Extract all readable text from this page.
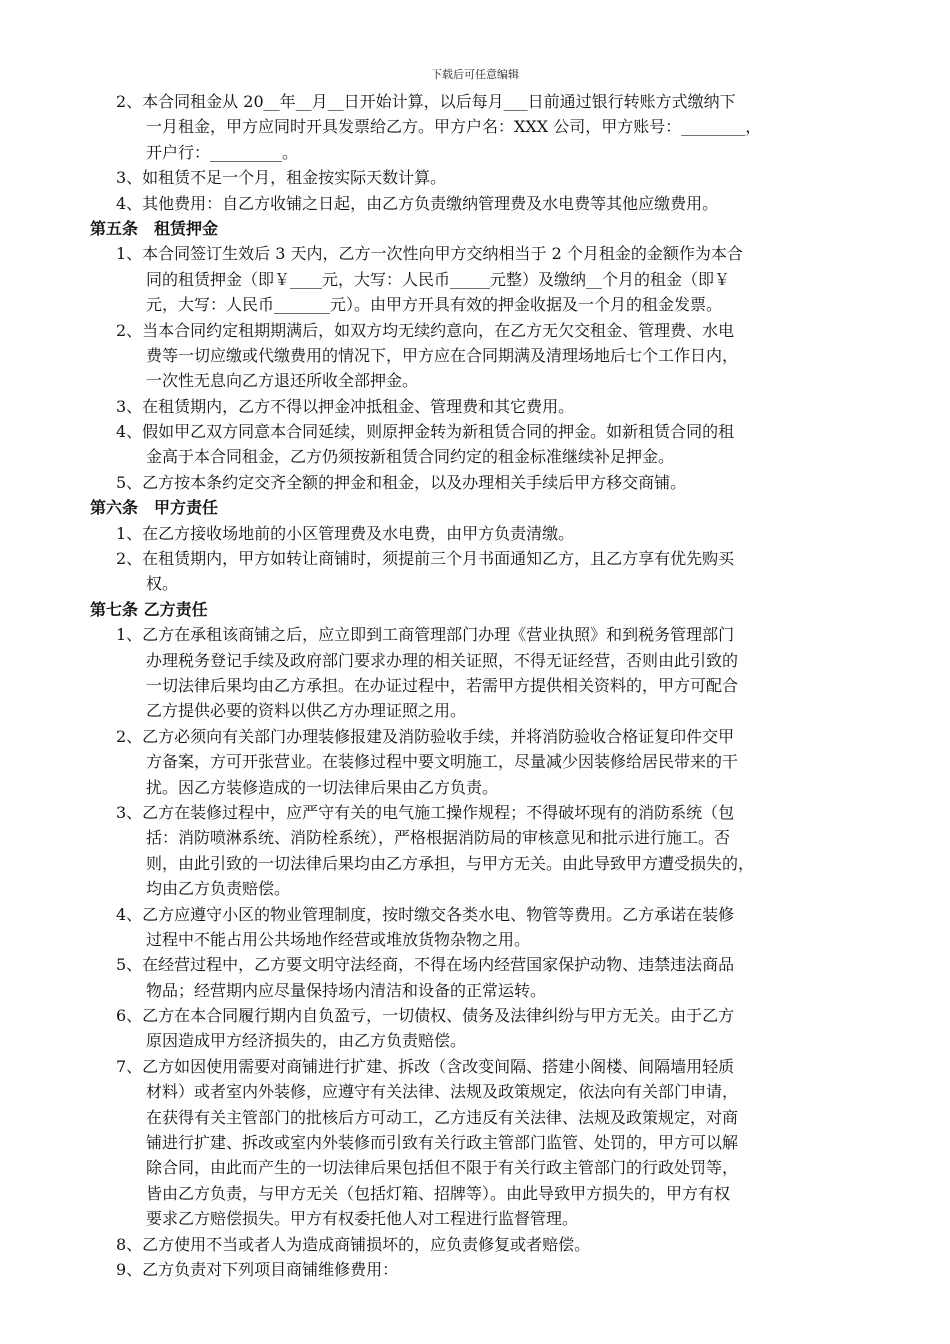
下载后可任意编辑
2、本合同租金从 20__年__月__日开始计算，以后每月___日前通过银行转账方式缴纳下
一月租金，甲方应同时开具发票给乙方。甲方户名：XXX 公司，甲方账号：________，
开户行：_________。
3、如租赁不足一个月，租金按实际天数计算。
4、其他费用：自乙方收铺之日起，由乙方负责缴纳管理费及水电费等其他应缴费用。
第五条　租赁押金
1、本合同签订生效后 3 天内，乙方一次性向甲方交纳相当于 2 个月租金的金额作为本合
同的租赁押金（即￥____元，大写：人民币_____元整）及缴纳__个月的租金（即￥
元，大写：人民币_______元）。由甲方开具有效的押金收据及一个月的租金发票。
2、当本合同约定租期期满后，如双方均无续约意向，在乙方无欠交租金、管理费、水电
费等一切应缴或代缴费用的情况下，甲方应在合同期满及清理场地后七个工作日内，
一次性无息向乙方退还所收全部押金。
3、在租赁期内，乙方不得以押金冲抵租金、管理费和其它费用。
4、假如甲乙双方同意本合同延续，则原押金转为新租赁合同的押金。如新租赁合同的租
金高于本合同租金，乙方仍须按新租赁合同约定的租金标准继续补足押金。
5、乙方按本条约定交齐全额的押金和租金，以及办理相关手续后甲方移交商铺。
第六条　甲方责任
1、在乙方接收场地前的小区管理费及水电费，由甲方负责清缴。
2、在租赁期内，甲方如转让商铺时，须提前三个月书面通知乙方，且乙方享有优先购买
权。
第七条 乙方责任
1、乙方在承租该商铺之后，应立即到工商管理部门办理《营业执照》和到税务管理部门
办理税务登记手续及政府部门要求办理的相关证照，不得无证经营，否则由此引致的
一切法律后果均由乙方承担。在办证过程中，若需甲方提供相关资料的，甲方可配合
乙方提供必要的资料以供乙方办理证照之用。
2、乙方必须向有关部门办理装修报建及消防验收手续，并将消防验收合格证复印件交甲
方备案，方可开张营业。在装修过程中要文明施工，尽量减少因装修给居民带来的干
扰。因乙方装修造成的一切法律后果由乙方负责。
3、乙方在装修过程中，应严守有关的电气施工操作规程；不得破坏现有的消防系统（包
括：消防喷淋系统、消防栓系统），严格根据消防局的审核意见和批示进行施工。否
则，由此引致的一切法律后果均由乙方承担，与甲方无关。由此导致甲方遭受损失的，
均由乙方负责赔偿。
4、乙方应遵守小区的物业管理制度，按时缴交各类水电、物管等费用。乙方承诺在装修
过程中不能占用公共场地作经营或堆放货物杂物之用。
5、在经营过程中，乙方要文明守法经商，不得在场内经营国家保护动物、违禁违法商品
物品；经营期内应尽量保持场内清洁和设备的正常运转。
6、乙方在本合同履行期内自负盈亏，一切债权、债务及法律纠纷与甲方无关。由于乙方
原因造成甲方经济损失的，由乙方负责赔偿。
7、乙方如因使用需要对商铺进行扩建、拆改（含改变间隔、搭建小阁楼、间隔墙用轻质
材料）或者室内外装修，应遵守有关法律、法规及政策规定，依法向有关部门申请，
在获得有关主管部门的批核后方可动工，乙方违反有关法律、法规及政策规定，对商
铺进行扩建、拆改或室内外装修而引致有关行政主管部门监管、处罚的，甲方可以解
除合同，由此而产生的一切法律后果包括但不限于有关行政主管部门的行政处罚等，
皆由乙方负责，与甲方无关（包括灯箱、招牌等）。由此导致甲方损失的，甲方有权
要求乙方赔偿损失。甲方有权委托他人对工程进行监督管理。
8、乙方使用不当或者人为造成商铺损坏的，应负责修复或者赔偿。
9、乙方负责对下列项目商铺维修费用：
